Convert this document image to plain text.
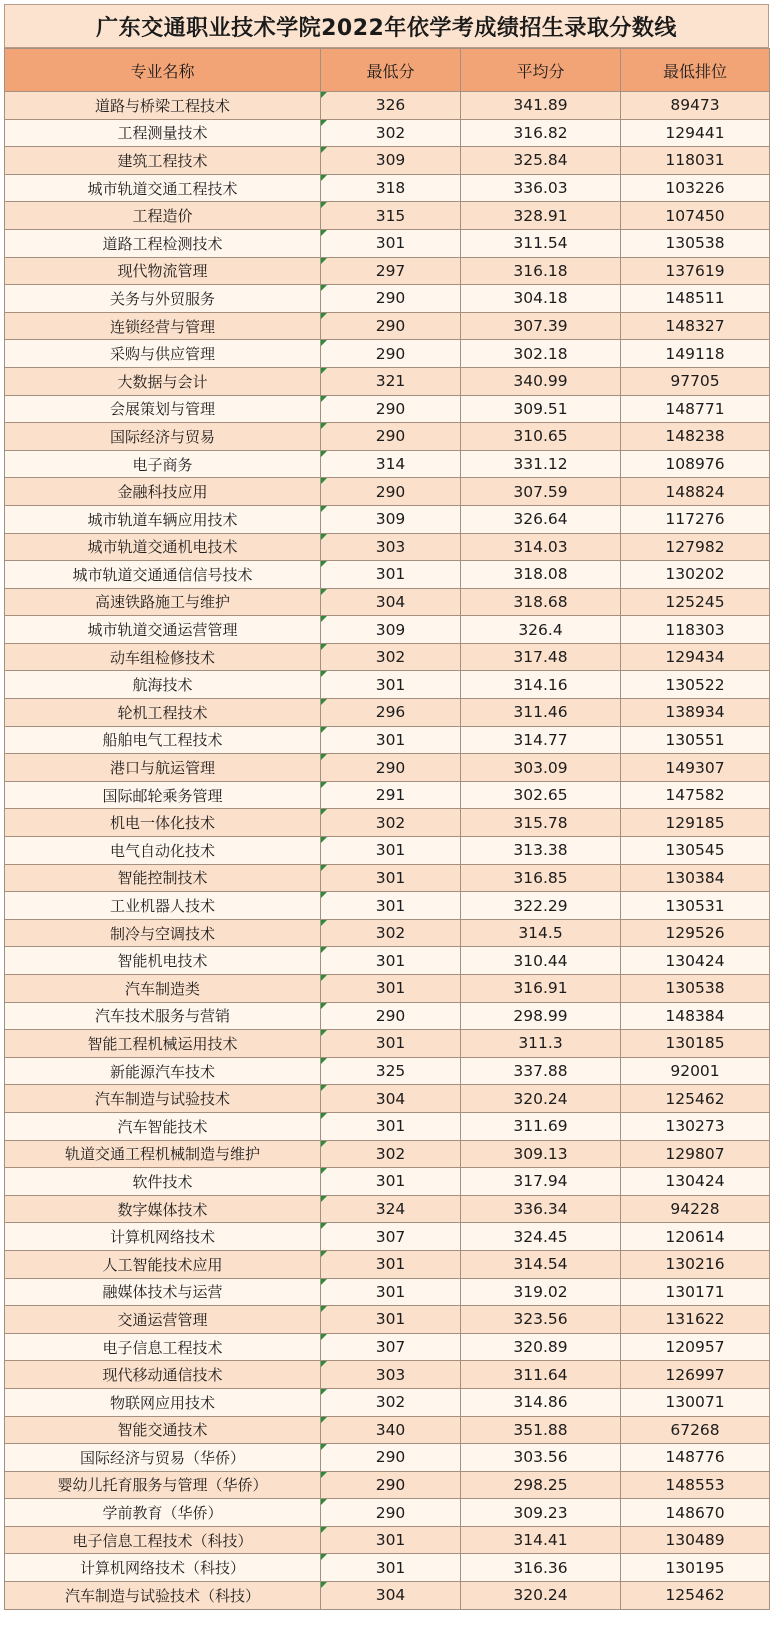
广东交通职业技术学院2022年依学考成绩招生录取分数线
专业名称	最低分	平均分	最低排位
道路与桥梁工程技术	326	341.89	89473
工程测量技术	302	316.82	129441
建筑工程技术	309	325.84	118031
城市轨道交通工程技术	318	336.03	103226
工程造价	315	328.91	107450
道路工程检测技术	301	311.54	130538
现代物流管理	297	316.18	137619
关务与外贸服务	290	304.18	148511
连锁经营与管理	290	307.39	148327
采购与供应管理	290	302.18	149118
大数据与会计	321	340.99	97705
会展策划与管理	290	309.51	148771
国际经济与贸易	290	310.65	148238
电子商务	314	331.12	108976
金融科技应用	290	307.59	148824
城市轨道车辆应用技术	309	326.64	117276
城市轨道交通机电技术	303	314.03	127982
城市轨道交通通信信号技术	301	318.08	130202
高速铁路施工与维护	304	318.68	125245
城市轨道交通运营管理	309	326.4	118303
动车组检修技术	302	317.48	129434
航海技术	301	314.16	130522
轮机工程技术	296	311.46	138934
船舶电气工程技术	301	314.77	130551
港口与航运管理	290	303.09	149307
国际邮轮乘务管理	291	302.65	147582
机电一体化技术	302	315.78	129185
电气自动化技术	301	313.38	130545
智能控制技术	301	316.85	130384
工业机器人技术	301	322.29	130531
制冷与空调技术	302	314.5	129526
智能机电技术	301	310.44	130424
汽车制造类	301	316.91	130538
汽车技术服务与营销	290	298.99	148384
智能工程机械运用技术	301	311.3	130185
新能源汽车技术	325	337.88	92001
汽车制造与试验技术	304	320.24	125462
汽车智能技术	301	311.69	130273
轨道交通工程机械制造与维护	302	309.13	129807
软件技术	301	317.94	130424
数字媒体技术	324	336.34	94228
计算机网络技术	307	324.45	120614
人工智能技术应用	301	314.54	130216
融媒体技术与运营	301	319.02	130171
交通运营管理	301	323.56	131622
电子信息工程技术	307	320.89	120957
现代移动通信技术	303	311.64	126997
物联网应用技术	302	314.86	130071
智能交通技术	340	351.88	67268
国际经济与贸易（华侨）	290	303.56	148776
婴幼儿托育服务与管理（华侨）	290	298.25	148553
学前教育（华侨）	290	309.23	148670
电子信息工程技术（科技）	301	314.41	130489
计算机网络技术（科技）	301	316.36	130195
汽车制造与试验技术（科技）	304	320.24	125462
